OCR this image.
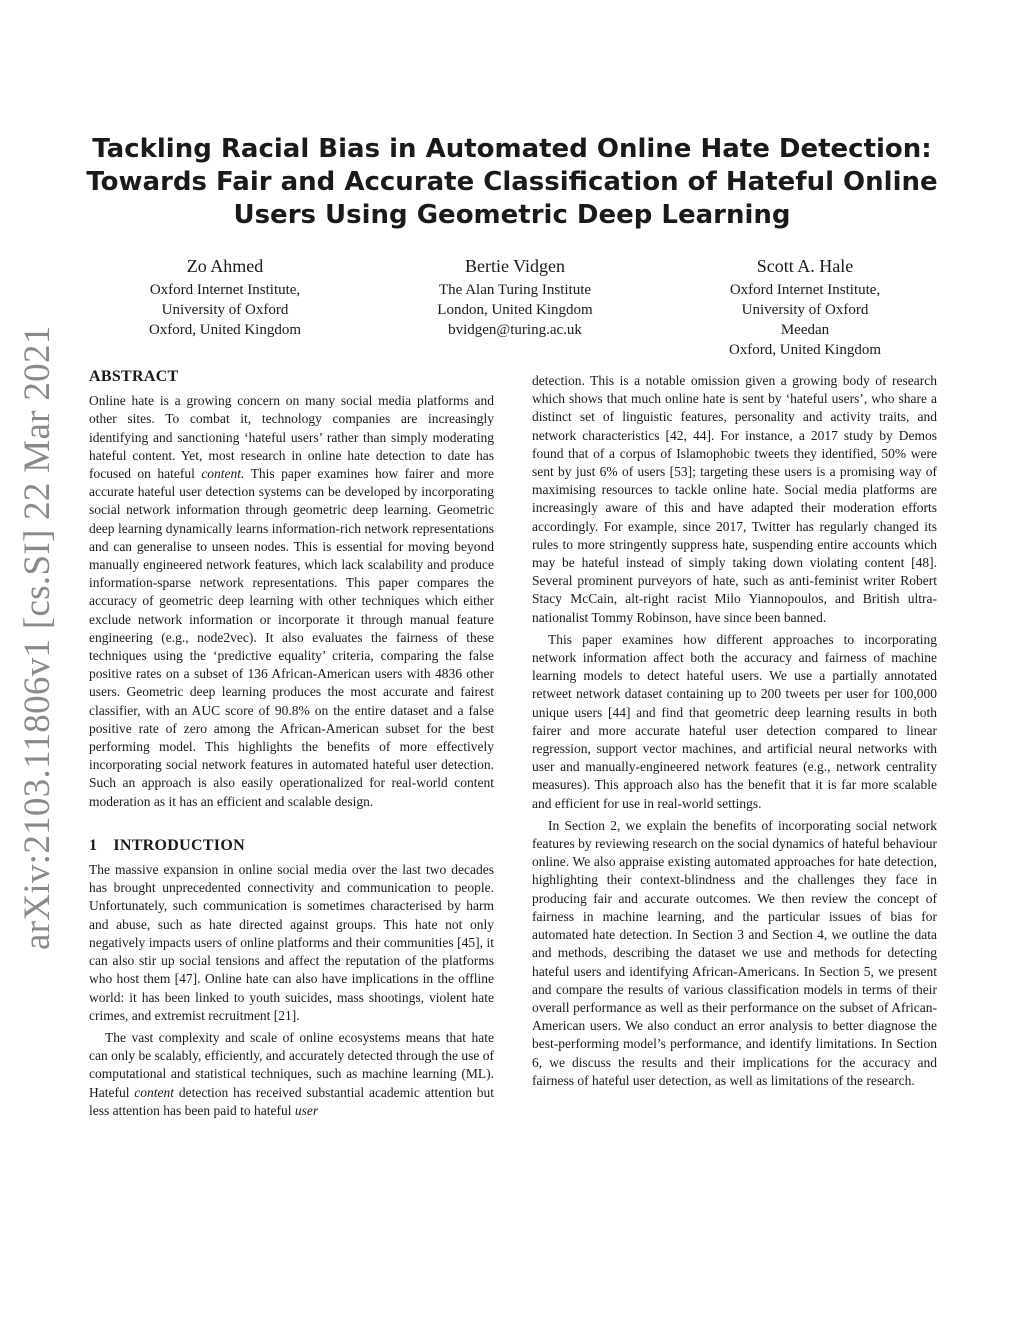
arXiv:2103.11806v1 [cs.SI] 22 Mar 2021
Tackling Racial Bias in Automated Online Hate Detection:
Towards Fair and Accurate Classification of Hateful Online
Users Using Geometric Deep Learning
Zo Ahmed
Oxford Internet Institute,
University of Oxford
Oxford, United Kingdom
Bertie Vidgen
The Alan Turing Institute
London, United Kingdom
bvidgen@turing.ac.uk
Scott A. Hale
Oxford Internet Institute,
University of Oxford
Meedan
Oxford, United Kingdom
ABSTRACT

Online hate is a growing concern on many social media platforms and other sites. To combat it, technology companies are increasingly identifying and sanctioning ‘hateful users’ rather than simply moderating hateful content. Yet, most research in online hate detection to date has focused on hateful content. This paper examines how fairer and more accurate hateful user detection systems can be developed by incorporating social network information through geometric deep learning. Geometric deep learning dynamically learns information-rich network representations and can generalise to unseen nodes. This is essential for moving beyond manually engineered network features, which lack scalability and produce information-sparse network representations. This paper compares the accuracy of geometric deep learning with other techniques which either exclude network information or incorporate it through manual feature engineering (e.g., node2vec). It also evaluates the fairness of these techniques using the ‘predictive equality’ criteria, comparing the false positive rates on a subset of 136 African-American users with 4836 other users. Geometric deep learning produces the most accurate and fairest classifier, with an AUC score of 90.8% on the entire dataset and a false positive rate of zero among the African-American subset for the best performing model. This highlights the benefits of more effectively incorporating social network features in automated hateful user detection. Such an approach is also easily operationalized for real-world content moderation as it has an efficient and scalable design.

1 INTRODUCTION

The massive expansion in online social media over the last two decades has brought unprecedented connectivity and communication to people. Unfortunately, such communication is sometimes characterised by harm and abuse, such as hate directed against groups. This hate not only negatively impacts users of online platforms and their communities [45], it can also stir up social tensions and affect the reputation of the platforms who host them [47]. Online hate can also have implications in the offline world: it has been linked to youth suicides, mass shootings, violent hate crimes, and extremist recruitment [21].

The vast complexity and scale of online ecosystems means that hate can only be scalably, efficiently, and accurately detected through the use of computational and statistical techniques, such as machine learning (ML). Hateful content detection has received substantial academic attention but less attention has been paid to hateful user

detection. This is a notable omission given a growing body of research which shows that much online hate is sent by ‘hateful users’, who share a distinct set of linguistic features, personality and activity traits, and network characteristics [42, 44]. For instance, a 2017 study by Demos found that of a corpus of Islamophobic tweets they identified, 50% were sent by just 6% of users [53]; targeting these users is a promising way of maximising resources to tackle online hate. Social media platforms are increasingly aware of this and have adapted their moderation efforts accordingly. For example, since 2017, Twitter has regularly changed its rules to more stringently suppress hate, suspending entire accounts which may be hateful instead of simply taking down violating content [48]. Several prominent purveyors of hate, such as anti-feminist writer Robert Stacy McCain, alt-right racist Milo Yiannopoulos, and British ultra-nationalist Tommy Robinson, have since been banned.

This paper examines how different approaches to incorporating network information affect both the accuracy and fairness of machine learning models to detect hateful users. We use a partially annotated retweet network dataset containing up to 200 tweets per user for 100,000 unique users [44] and find that geometric deep learning results in both fairer and more accurate hateful user detection compared to linear regression, support vector machines, and artificial neural networks with user and manually-engineered network features (e.g., network centrality measures). This approach also has the benefit that it is far more scalable and efficient for use in real-world settings.

In Section 2, we explain the benefits of incorporating social network features by reviewing research on the social dynamics of hateful behaviour online. We also appraise existing automated approaches for hate detection, highlighting their context-blindness and the challenges they face in producing fair and accurate outcomes. We then review the concept of fairness in machine learning, and the particular issues of bias for automated hate detection. In Section 3 and Section 4, we outline the data and methods, describing the dataset we use and methods for detecting hateful users and identifying African-Americans. In Section 5, we present and compare the results of various classification models in terms of their overall performance as well as their performance on the subset of African-American users. We also conduct an error analysis to better diagnose the best-performing model’s performance, and identify limitations. In Section 6, we discuss the results and their implications for the accuracy and fairness of hateful user detection, as well as limitations of the research.
